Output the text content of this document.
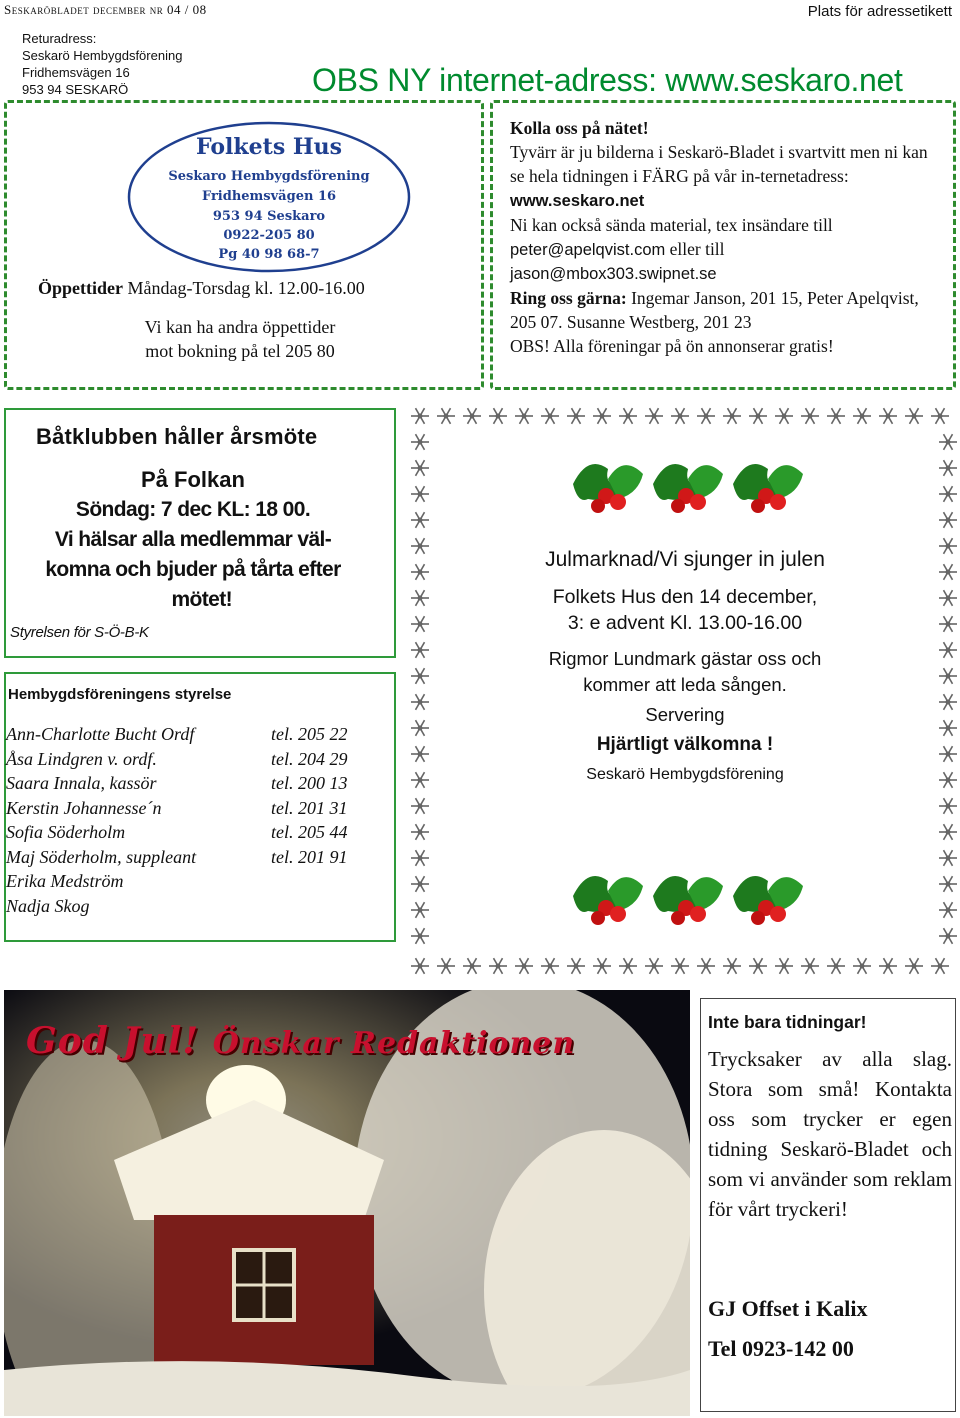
Seskaröbladet december nr 04 / 08	Plats för adressetikett
Returadress:
Seskarö Hembygdsförening
Fridhemsvägen 16
953 94 SESKARÖ	OBS NY internet-adress: www.seskaro.net
Folkets Hus
Seskaro Hembygdsförening
Fridhemsvägen 16
953 94 Seskaro
0922-205 80
Pg 40 98 68-7
Öppettider Måndag-Torsdag kl. 12.00-16.00
Vi kan ha andra öppettider
mot bokning på tel 205 80
Kolla oss på nätet!
Tyvärr är ju bilderna i Seskarö-Bladet i svartvitt men ni kan se hela tidningen i FÄRG på vår in-ternetadress: www.seskaro.net
Ni kan också sända material, tex insändare till
peter@apelqvist.com eller till
jason@mbox303.swipnet.se
Ring oss gärna: Ingemar Janson, 201 15, Peter Apelqvist, 205 07. Susanne Westberg, 201 23
OBS! Alla föreningar på ön annonserar gratis!
Båtklubben håller årsmöte
På Folkan
Söndag: 7 dec KL: 18 00.
Vi hälsar alla medlemmar väl-
komna och bjuder på tårta efter
mötet!
Styrelsen för S-Ö-B-K
Hembygdsföreningens styrelse
Ann-Charlotte Bucht Ordf	tel. 205 22
Åsa Lindgren v. ordf.	tel. 204 29
Saara Innala, kassör	tel. 200 13
Kerstin Johannesse´n	tel. 201 31
Sofia Söderholm	tel. 205 44
Maj Söderholm, suppleant	tel. 201 91
Erika Medström
Nadja Skog
Julmarknad/Vi sjunger in julen
Folkets Hus den 14 december,
3: e advent Kl. 13.00-16.00
Rigmor Lundmark gästar oss och
kommer att leda sången.
Servering
Hjärtligt välkomna !
Seskarö Hembygdsförening
God Jul! Önskar Redaktionen
Inte bara tidningar!
Trycksaker av alla slag. Stora som små! Kontakta oss som trycker er egen tidning Seskarö-Bladet och som vi använder som reklam för vårt tryckeri!
GJ Offset i Kalix
Tel 0923-142 00
